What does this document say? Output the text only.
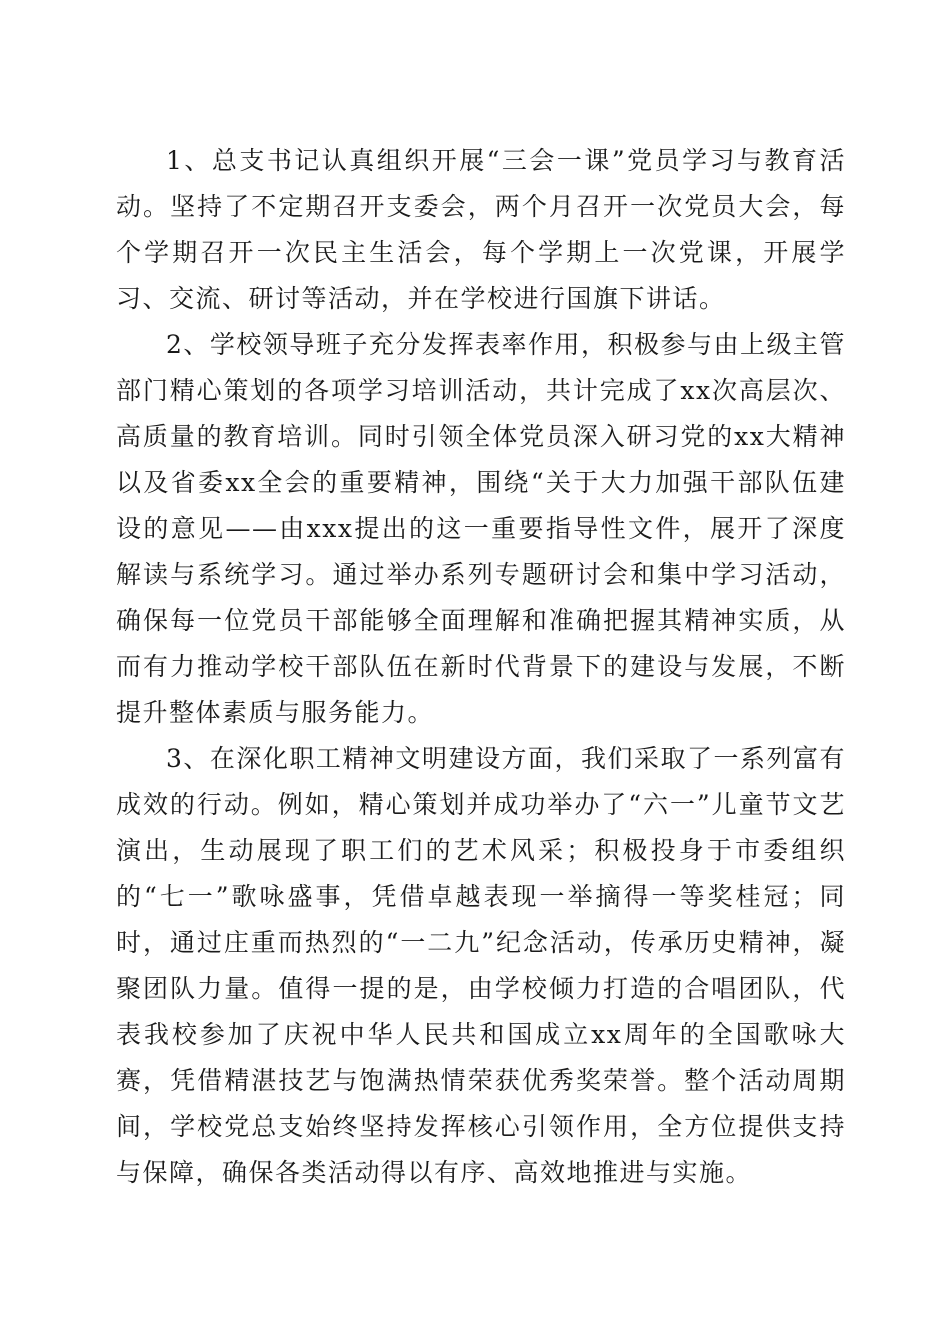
1、总支书记认真组织开展“三会一课”党员学习与教育活动。坚持了不定期召开支委会，两个月召开一次党员大会，每个学期召开一次民主生活会，每个学期上一次党课，开展学习、交流、研讨等活动，并在学校进行国旗下讲话。

2、学校领导班子充分发挥表率作用，积极参与由上级主管部门精心策划的各项学习培训活动，共计完成了xx次高层次、高质量的教育培训。同时引领全体党员深入研习党的xx大精神以及省委xx全会的重要精神，围绕“关于大力加强干部队伍建设的意见——由xxx提出的这一重要指导性文件，展开了深度解读与系统学习。通过举办系列专题研讨会和集中学习活动，确保每一位党员干部能够全面理解和准确把握其精神实质，从而有力推动学校干部队伍在新时代背景下的建设与发展，不断提升整体素质与服务能力。

3、在深化职工精神文明建设方面，我们采取了一系列富有成效的行动。例如，精心策划并成功举办了“六一”儿童节文艺演出，生动展现了职工们的艺术风采；积极投身于市委组织的“七一”歌咏盛事，凭借卓越表现一举摘得一等奖桂冠；同时，通过庄重而热烈的“一二九”纪念活动，传承历史精神，凝聚团队力量。值得一提的是，由学校倾力打造的合唱团队，代表我校参加了庆祝中华人民共和国成立xx周年的全国歌咏大赛，凭借精湛技艺与饱满热情荣获优秀奖荣誉。整个活动周期间，学校党总支始终坚持发挥核心引领作用，全方位提供支持与保障，确保各类活动得以有序、高效地推进与实施。
